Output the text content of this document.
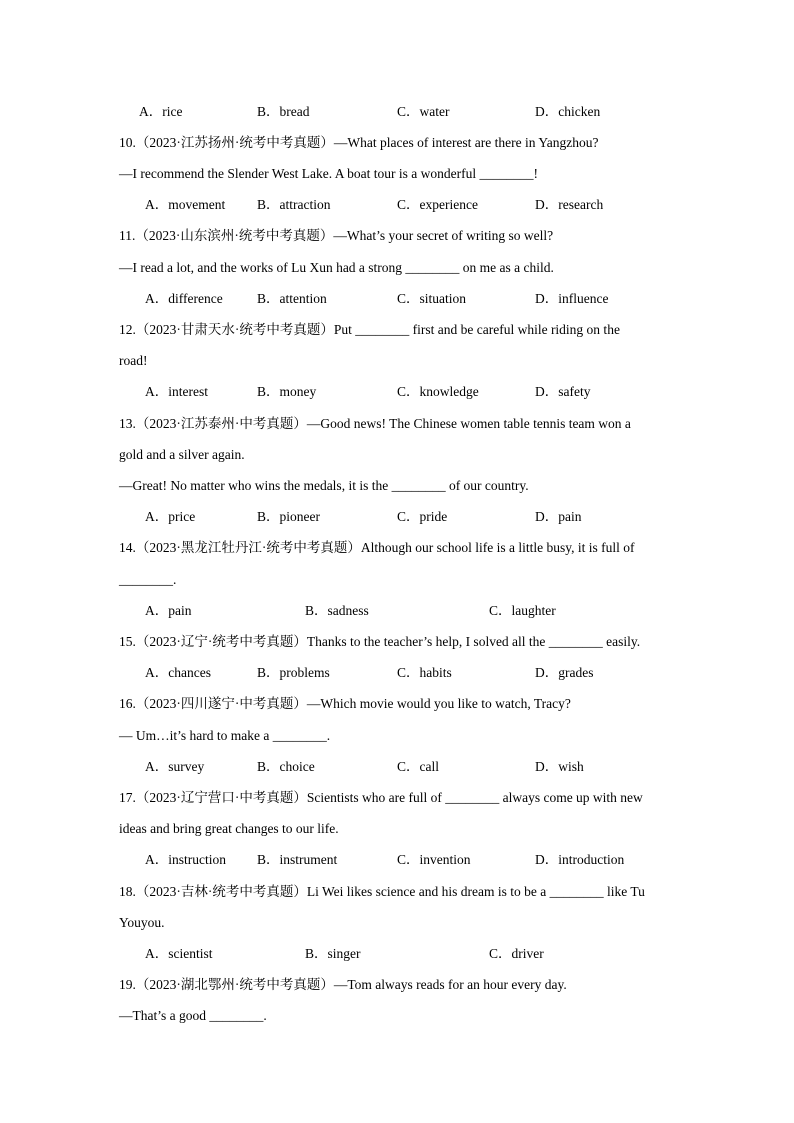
A．rice	B．bread	C．water	D．chicken
10.（2023·江苏扬州·统考中考真题）—What places of interest are there in Yangzhou?
—I recommend the Slender West Lake. A boat tour is a wonderful ________!
A．movement B．attraction	C．experience	D．research
11.（2023·山东滨州·统考中考真题）—What’s your secret of writing so well?
—I read a lot, and the works of Lu Xun had a strong ________ on me as a child.
A．difference	B．attention	C．situation	D．influence
12.（2023·甘肃天水·统考中考真题）Put ________ first and be careful while riding on the
road!
A．interest	B．money	C．knowledge	D．safety
13.（2023·江苏泰州·中考真题）—Good news! The Chinese women table tennis team won a
gold and a silver again.
—Great! No matter who wins the medals, it is the ________ of our country.
A．price	B．pioneer	C．pride	D．pain
14.（2023·黑龙江牡丹江·统考中考真题）Although our school life is a little busy, it is full of
________.
A．pain	B．sadness	C．laughter
15.（2023·辽宁·统考中考真题）Thanks to the teacher’s help, I solved all the ________ easily.
A．chances	B．problems	C．habits	D．grades
16.（2023·四川遂宁·中考真题）—Which movie would you like to watch, Tracy?
— Um…it’s hard to make a ________.
A．survey	B．choice	C．call	D．wish
17.（2023·辽宁营口·中考真题）Scientists who are full of ________ always come up with new
ideas and bring great changes to our life.
A．instruction B．instrument	C．invention	D．introduction
18.（2023·吉林·统考中考真题）Li Wei likes science and his dream is to be a ________ like Tu
Youyou.
A．scientist	B．singer	C．driver
19.（2023·湖北鄂州·统考中考真题）—Tom always reads for an hour every day.
—That’s a good ________.
